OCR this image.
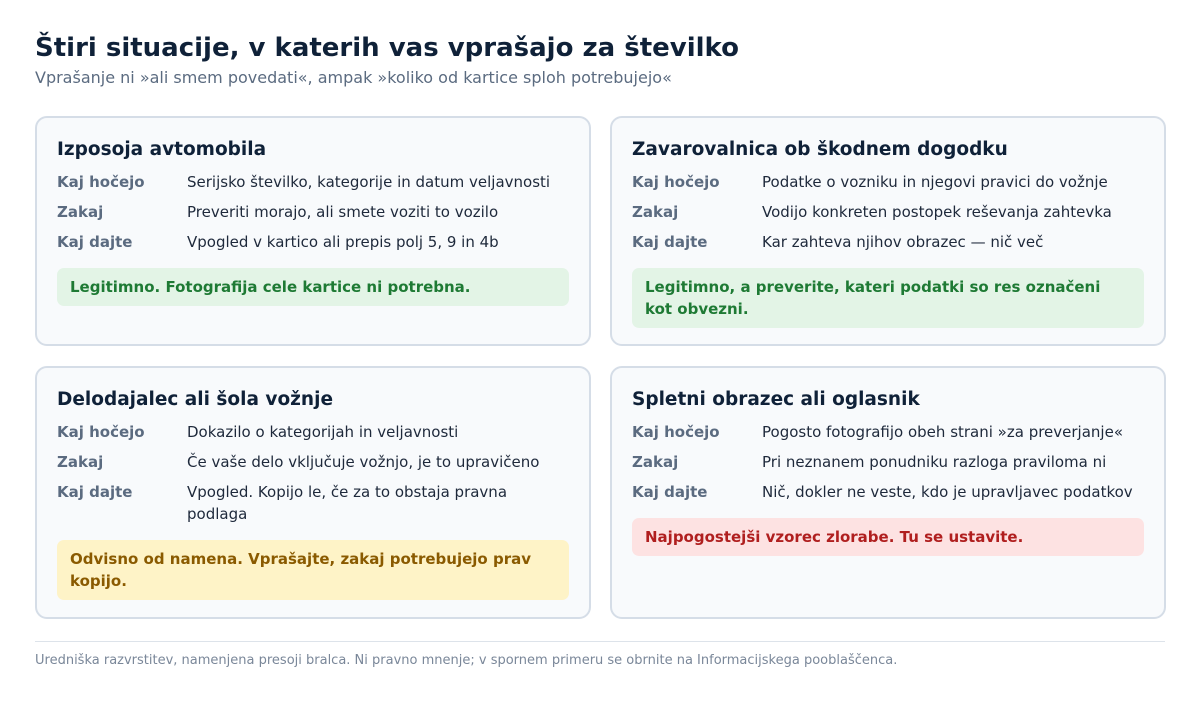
Štiri situacije, v katerih vas vprašajo za številko
Vprašanje ni »ali smem povedati«, ampak »koliko od kartice sploh potrebujejo«
Izposoja avtomobila
Kaj hočejo	Serijsko številko, kategorije in datum veljavnosti
Zakaj	Preveriti morajo, ali smete voziti to vozilo
Kaj dajte	Vpogled v kartico ali prepis polj 5, 9 in 4b
Legitimno. Fotografija cele kartice ni potrebna.
Zavarovalnica ob škodnem dogodku
Kaj hočejo	Podatke o vozniku in njegovi pravici do vožnje
Zakaj	Vodijo konkreten postopek reševanja zahtevka
Kaj dajte	Kar zahteva njihov obrazec — nič več
Legitimno, a preverite, kateri podatki so res označeni kot obvezni.
Delodajalec ali šola vožnje
Kaj hočejo	Dokazilo o kategorijah in veljavnosti
Zakaj	Če vaše delo vključuje vožnjo, je to upravičeno
Kaj dajte	Vpogled. Kopijo le, če za to obstaja pravna podlaga
Odvisno od namena. Vprašajte, zakaj potrebujejo prav kopijo.
Spletni obrazec ali oglasnik
Kaj hočejo	Pogosto fotografijo obeh strani »za preverjanje«
Zakaj	Pri neznanem ponudniku razloga praviloma ni
Kaj dajte	Nič, dokler ne veste, kdo je upravljavec podatkov
Najpogostejši vzorec zlorabe. Tu se ustavite.
Uredniška razvrstitev, namenjena presoji bralca. Ni pravno mnenje; v spornem primeru se obrnite na Informacijskega pooblaščenca.
